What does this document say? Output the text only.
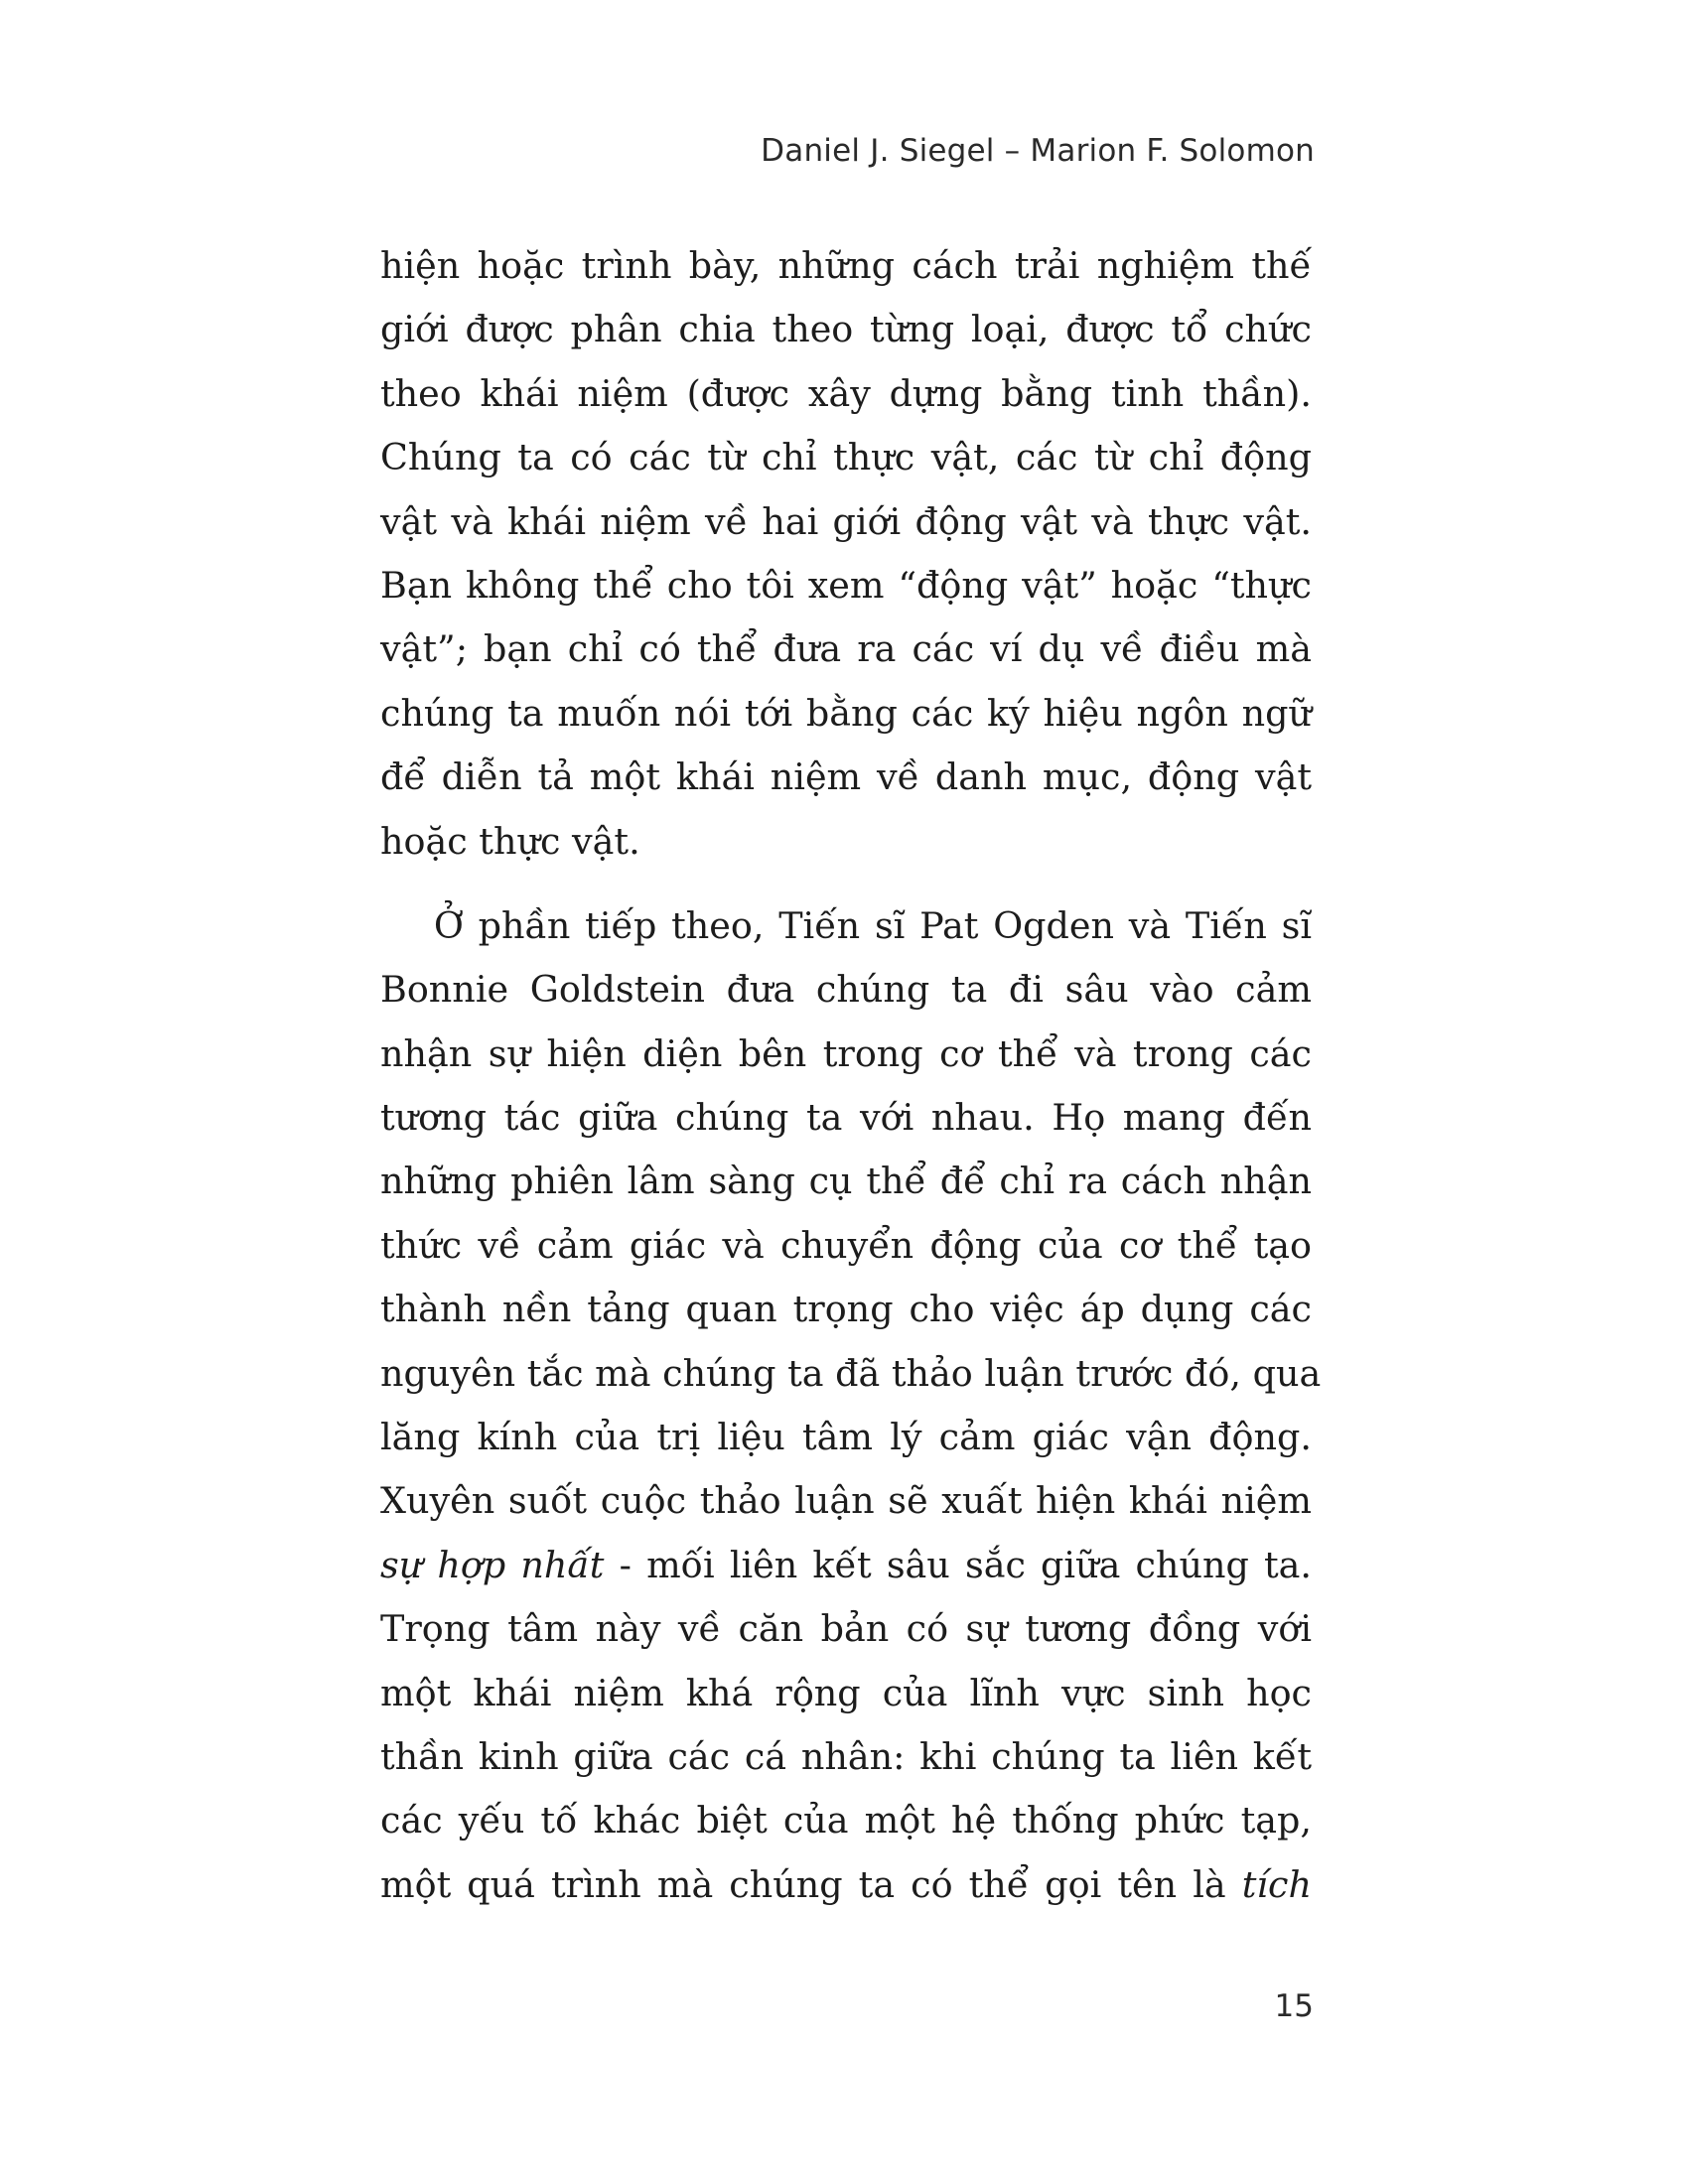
Daniel J. Siegel – Marion F. Solomon
hiện hoặc trình bày, những cách trải nghiệm thế
giới được phân chia theo từng loại, được tổ chức
theo khái niệm (được xây dựng bằng tinh thần).
Chúng ta có các từ chỉ thực vật, các từ chỉ động
vật và khái niệm về hai giới động vật và thực vật.
Bạn không thể cho tôi xem “động vật” hoặc “thực
vật”; bạn chỉ có thể đưa ra các ví dụ về điều mà
chúng ta muốn nói tới bằng các ký hiệu ngôn ngữ
để diễn tả một khái niệm về danh mục, động vật
hoặc thực vật.
Ở phần tiếp theo, Tiến sĩ Pat Ogden và Tiến sĩ
Bonnie Goldstein đưa chúng ta đi sâu vào cảm
nhận sự hiện diện bên trong cơ thể và trong các
tương tác giữa chúng ta với nhau. Họ mang đến
những phiên lâm sàng cụ thể để chỉ ra cách nhận
thức về cảm giác và chuyển động của cơ thể tạo
thành nền tảng quan trọng cho việc áp dụng các
nguyên tắc mà chúng ta đã thảo luận trước đó, qua
lăng kính của trị liệu tâm lý cảm giác vận động.
Xuyên suốt cuộc thảo luận sẽ xuất hiện khái niệm
sự hợp nhất - mối liên kết sâu sắc giữa chúng ta.
Trọng tâm này về căn bản có sự tương đồng với
một khái niệm khá rộng của lĩnh vực sinh học
thần kinh giữa các cá nhân: khi chúng ta liên kết
các yếu tố khác biệt của một hệ thống phức tạp,
một quá trình mà chúng ta có thể gọi tên là tích
15
